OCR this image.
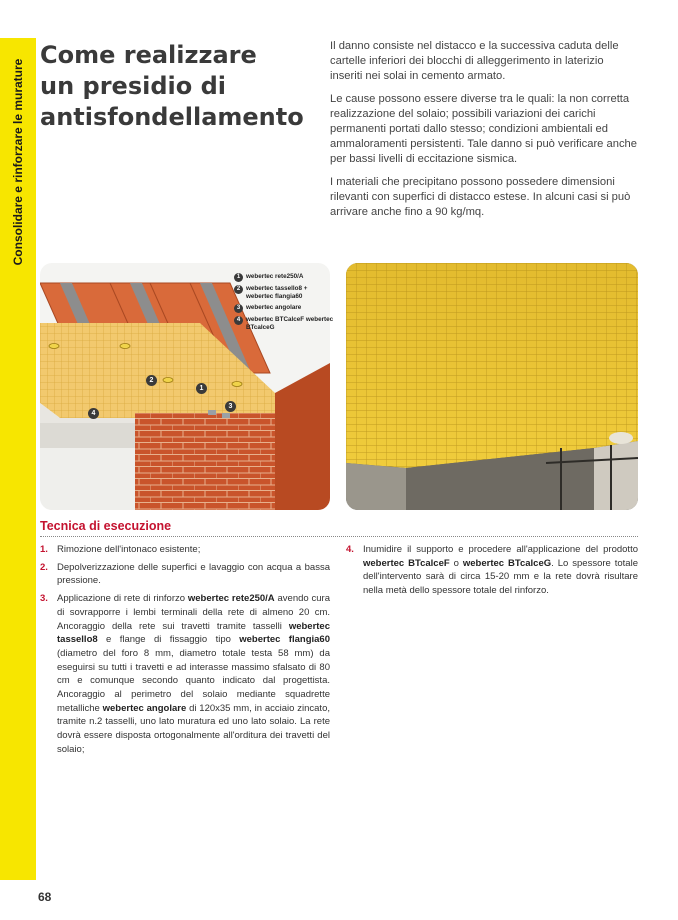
Consolidare e rinforzare le murature
Come realizzare
un presidio di
antisfondellamento

Il danno consiste nel distacco e la successiva caduta delle cartelle inferiori dei blocchi di alleggerimento in laterizio inseriti nei solai in cemento armato.

Le cause possono essere diverse tra le quali: la non corretta realizzazione del solaio; possibili variazioni dei carichi permanenti portati dallo stesso; condizioni ambientali ed ammaloramenti persistenti. Tale danno si può verificare anche per bassi livelli di eccitazione sismica.

I materiali che precipitano possono possedere dimensioni rilevanti con superfici di distacco estese. In alcuni casi si può arrivare anche fino a 90 kg/mq.

2
1
3
4
1 webertec rete250/A
2 webertec tassello8 + webertec flangia60
3 webertec angolare
4 webertec BTCalceF webertec BTcalceG
Tecnica di esecuzione
1. Rimozione dell'intonaco esistente;
2. Depolverizzazione delle superfici e lavaggio con acqua a bassa pressione.
3. Applicazione di rete di rinforzo webertec rete250/A avendo cura di sovrapporre i lembi terminali della rete di almeno 20 cm. Ancoraggio della rete sui travetti tramite tasselli webertec tassello8 e flange di fissaggio tipo webertec flangia60 (diametro del foro 8 mm, diametro totale testa 58 mm) da eseguirsi su tutti i travetti e ad interasse massimo sfalsato di 80 cm e comunque secondo quanto indicato dal progettista. Ancoraggio al perimetro del solaio mediante squadrette metalliche webertec angolare di 120x35 mm, in acciaio zincato, tramite n.2 tasselli, uno lato muratura ed uno lato solaio. La rete dovrà essere disposta ortogonalmente all'orditura dei travetti del solaio;
4. Inumidire il supporto e procedere all'applicazione del prodotto webertec BTcalceF o webertec BTcalceG. Lo spessore totale dell'intervento sarà di circa 15-20 mm e la rete dovrà risultare nella metà dello spessore totale del rinforzo.
68
